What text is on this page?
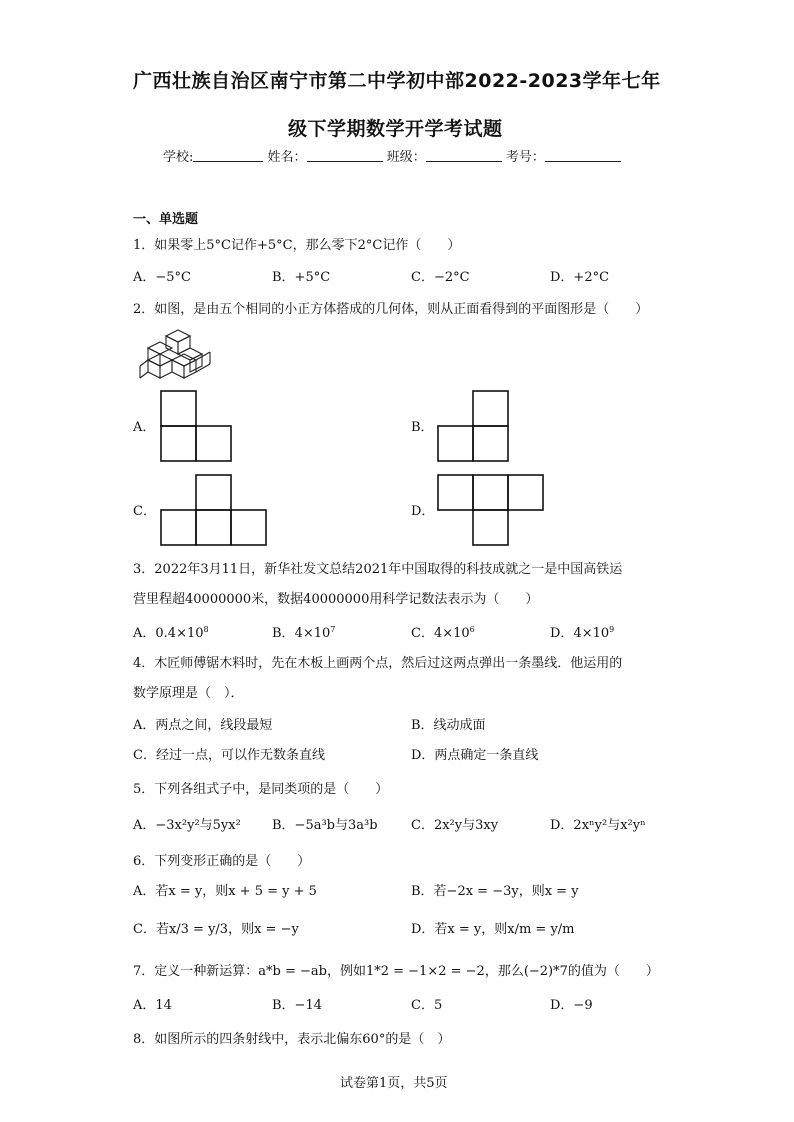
广西壮族自治区南宁市第二中学初中部2022-2023学年七年
级下学期数学开学考试题
学校:	姓名：	班级：	考号：
一、单选题
1．如果零上5°C记作+5°C，那么零下2°C记作（　　）
A．−5°C	B．+5°C	C．−2°C	D．+2°C
2．如图，是由五个相同的小正方体搭成的几何体，则从正面看得到的平面图形是（　　）
A．	B．
C．	D．
3．2022年3月11日，新华社发文总结2021年中国取得的科技成就之一是中国高铁运
营里程超40000000米，数据40000000用科学记数法表示为（　　）
A．$0.4\times 10^8$	B．$4\times 10^7$	C．$4\times 10^6$	D．$4\times 10^9$
4．木匠师傅锯木料时，先在木板上画两个点，然后过这两点弹出一条墨线．他运用的
数学原理是（　）．
A．两点之间，线段最短	B．线动成面
C．经过一点，可以作无数条直线	D．两点确定一条直线
5．下列各组式子中，是同类项的是（　　）
A．−3x²y²与5yx² B．−5a³b与3a³b	C．2x²y与3xy	D．2xⁿy²与x²yⁿ
6．下列变形正确的是（　　）
A．若x = y，则x + 5 = y + 5	B．若−2x = −3y，则x = y
C．若x/3 = y/3，则x = −y	D．若x = y，则x/m = y/m
7．定义一种新运算：a*b = −ab，例如1*2 = −1×2 = −2，那么(−2)*7的值为（　　）
A．14	B．−14	C．5	D．−9
8．如图所示的四条射线中，表示北偏东60°的是（　）
试卷第1页，共5页
